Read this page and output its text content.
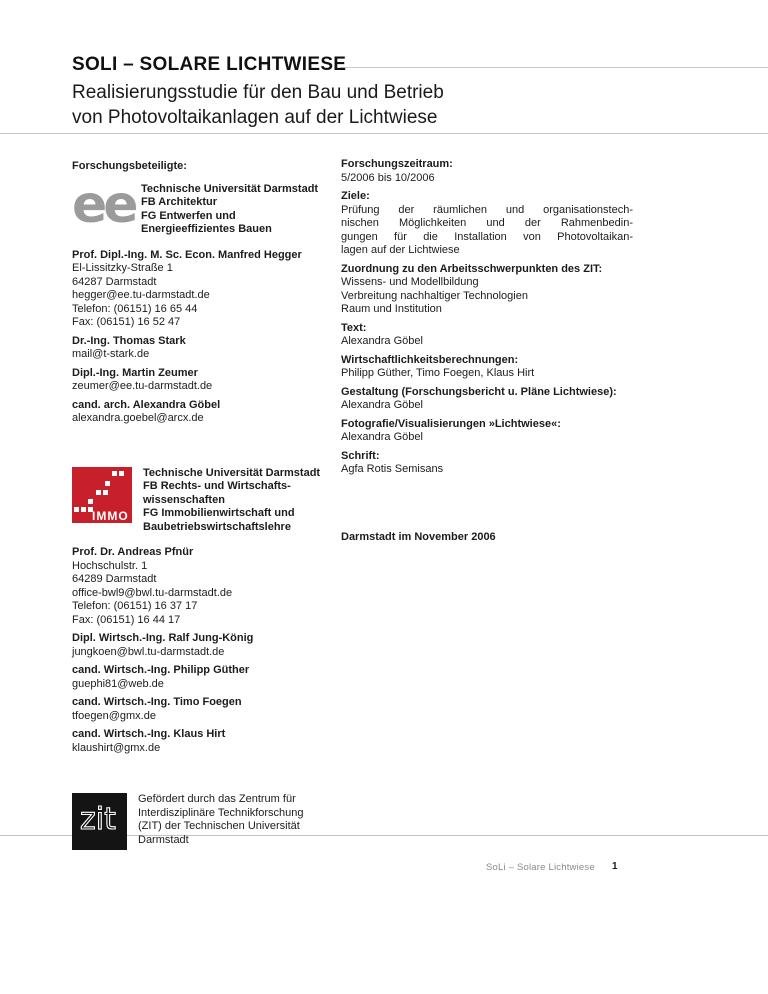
SOLI – SOLARE LICHTWIESE
Realisierungsstudie für den Bau und Betrieb
von Photovoltaikanlagen auf der Lichtwiese
Forschungsbeteiligte:
ee Technische Universität Darmstadt
FB Architektur
FG Entwerfen und
Energieeffizientes Bauen
Prof. Dipl.-Ing. M. Sc. Econ. Manfred Hegger
El-Lissitzky-Straße 1
64287 Darmstadt
hegger@ee.tu-darmstadt.de
Telefon: (06151) 16 65 44
Fax: (06151) 16 52 47
Dr.-Ing. Thomas Stark
mail@t-stark.de
Dipl.-Ing. Martin Zeumer
zeumer@ee.tu-darmstadt.de
cand. arch. Alexandra Göbel
alexandra.goebel@arcx.de
IMMO
Technische Universität Darmstadt
FB Rechts- und Wirtschafts-
wissenschaften
FG Immobilienwirtschaft und
Baubetriebswirtschaftslehre
Prof. Dr. Andreas Pfnür
Hochschulstr. 1
64289 Darmstadt
office-bwl9@bwl.tu-darmstadt.de
Telefon: (06151) 16 37 17
Fax: (06151) 16 44 17
Dipl. Wirtsch.-Ing. Ralf Jung-König
jungkoen@bwl.tu-darmstadt.de
cand. Wirtsch.-Ing. Philipp Güther
guephi81@web.de
cand. Wirtsch.-Ing. Timo Foegen
tfoegen@gmx.de
cand. Wirtsch.-Ing. Klaus Hirt
klaushirt@gmx.de
zit
Gefördert durch das Zentrum für
Interdisziplinäre Technikforschung
(ZIT) der Technischen Universität
Darmstadt
Forschungszeitraum:
5/2006 bis 10/2006
Ziele:
Prüfung der räumlichen und organisationstech-
nischen Möglichkeiten und der Rahmenbedin-
gungen für die Installation von Photovoltaikan-
lagen auf der Lichtwiese
Zuordnung zu den Arbeitsschwerpunkten des ZIT:
Wissens- und Modellbildung
Verbreitung nachhaltiger Technologien
Raum und Institution
Text:
Alexandra Göbel
Wirtschaftlichkeitsberechnungen:
Philipp Güther, Timo Foegen, Klaus Hirt
Gestaltung (Forschungsbericht u. Pläne Lichtwiese):
Alexandra Göbel
Fotografie/Visualisierungen »Lichtwiese«:
Alexandra Göbel
Schrift:
Agfa Rotis Semisans
Darmstadt im November 2006
SoLi – Solare Lichtwiese 1
